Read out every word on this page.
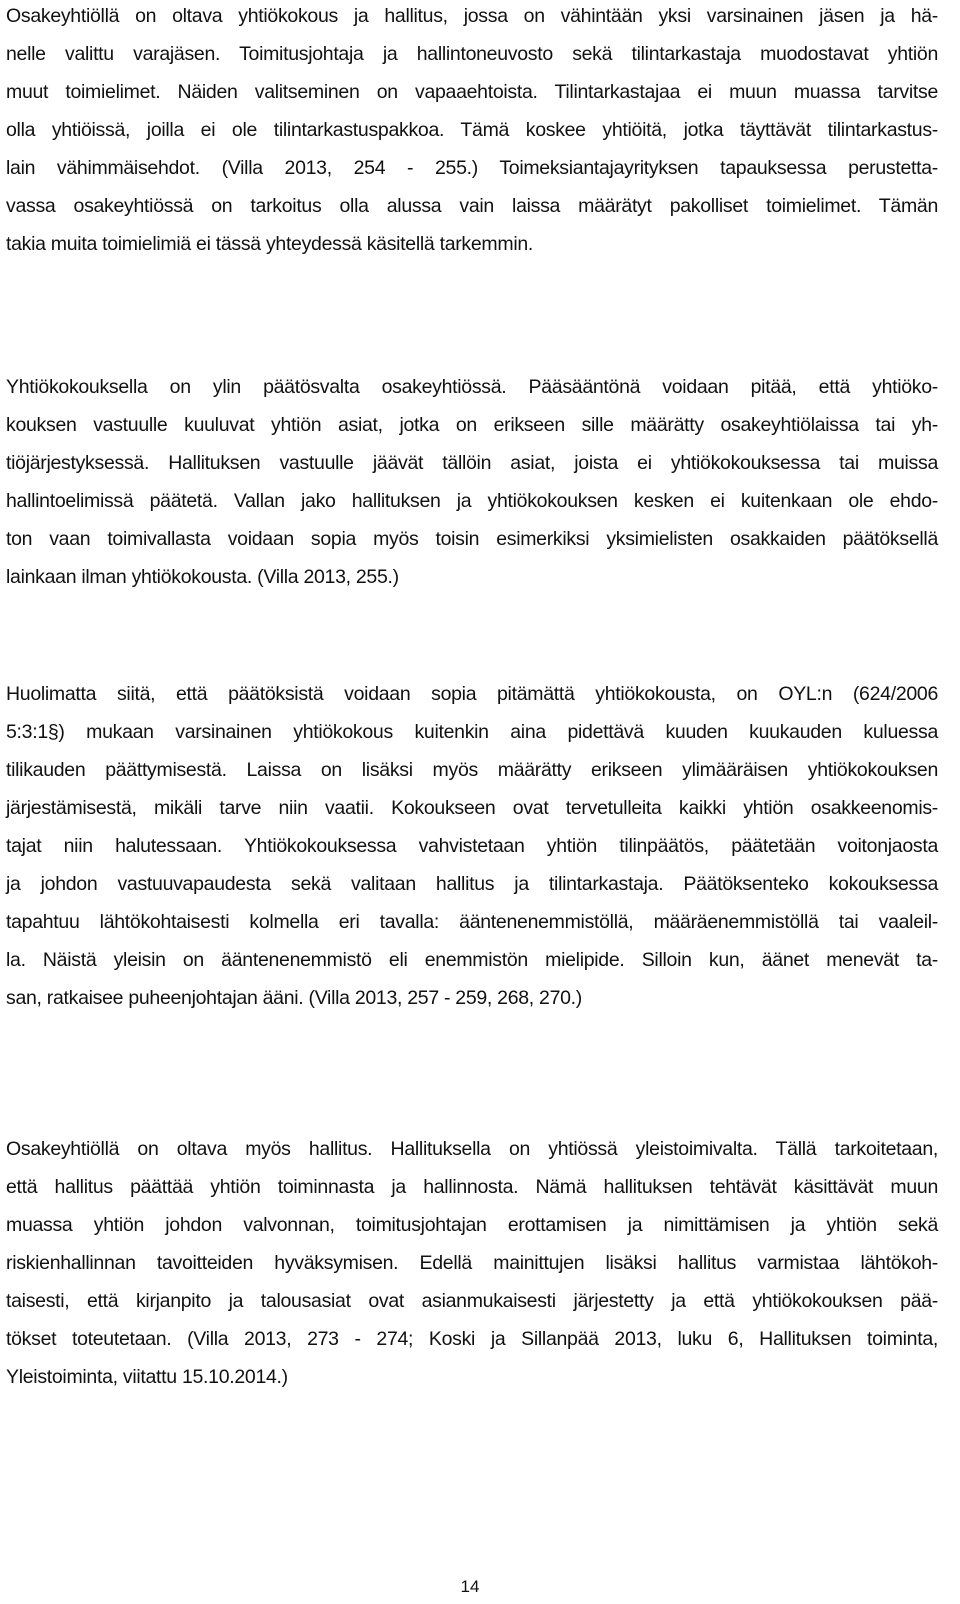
Osakeyhtiöllä on oltava yhtiökokous ja hallitus, jossa on vähintään yksi varsinainen jäsen ja hä-
nelle valittu varajäsen. Toimitusjohtaja ja hallintoneuvosto sekä tilintarkastaja muodostavat yhtiön
muut toimielimet. Näiden valitseminen on vapaaehtoista. Tilintarkastajaa ei muun muassa tarvitse
olla yhtiöissä, joilla ei ole tilintarkastuspakkoa. Tämä koskee yhtiöitä, jotka täyttävät tilintarkastus-
lain vähimmäisehdot. (Villa 2013, 254 - 255.) Toimeksiantajayrityksen tapauksessa perustetta-
vassa osakeyhtiössä on tarkoitus olla alussa vain laissa määrätyt pakolliset toimielimet. Tämän
takia muita toimielimiä ei tässä yhteydessä käsitellä tarkemmin.
Yhtiökokouksella on ylin päätösvalta osakeyhtiössä. Pääsääntönä voidaan pitää, että yhtiöko-
kouksen vastuulle kuuluvat yhtiön asiat, jotka on erikseen sille määrätty osakeyhtiölaissa tai yh-
tiöjärjestyksessä. Hallituksen vastuulle jäävät tällöin asiat, joista ei yhtiökokouksessa tai muissa
hallintoelimissä päätetä. Vallan jako hallituksen ja yhtiökokouksen kesken ei kuitenkaan ole ehdo-
ton vaan toimivallasta voidaan sopia myös toisin esimerkiksi yksimielisten osakkaiden päätöksellä
lainkaan ilman yhtiökokousta. (Villa 2013, 255.)
Huolimatta siitä, että päätöksistä voidaan sopia pitämättä yhtiökokousta, on OYL:n (624/2006
5:3:1§) mukaan varsinainen yhtiökokous kuitenkin aina pidettävä kuuden kuukauden kuluessa
tilikauden päättymisestä. Laissa on lisäksi myös määrätty erikseen ylimääräisen yhtiökokouksen
järjestämisestä, mikäli tarve niin vaatii. Kokoukseen ovat tervetulleita kaikki yhtiön osakkeenomis-
tajat niin halutessaan. Yhtiökokouksessa vahvistetaan yhtiön tilinpäätös, päätetään voitonjaosta
ja johdon vastuuvapaudesta sekä valitaan hallitus ja tilintarkastaja. Päätöksenteko kokouksessa
tapahtuu lähtökohtaisesti kolmella eri tavalla: ääntenenemmistöllä, määräenemmistöllä tai vaaleil-
la. Näistä yleisin on ääntenenemmistö eli enemmistön mielipide. Silloin kun, äänet menevät ta-
san, ratkaisee puheenjohtajan ääni. (Villa 2013, 257 - 259, 268, 270.)
Osakeyhtiöllä on oltava myös hallitus. Hallituksella on yhtiössä yleistoimivalta. Tällä tarkoitetaan,
että hallitus päättää yhtiön toiminnasta ja hallinnosta. Nämä hallituksen tehtävät käsittävät muun
muassa yhtiön johdon valvonnan, toimitusjohtajan erottamisen ja nimittämisen ja yhtiön sekä
riskienhallinnan tavoitteiden hyväksymisen. Edellä mainittujen lisäksi hallitus varmistaa lähtökoh-
taisesti, että kirjanpito ja talousasiat ovat asianmukaisesti järjestetty ja että yhtiökokouksen pää-
tökset toteutetaan. (Villa 2013, 273 - 274; Koski ja Sillanpää 2013, luku 6, Hallituksen toiminta,
Yleistoiminta, viitattu 15.10.2014.)
14
